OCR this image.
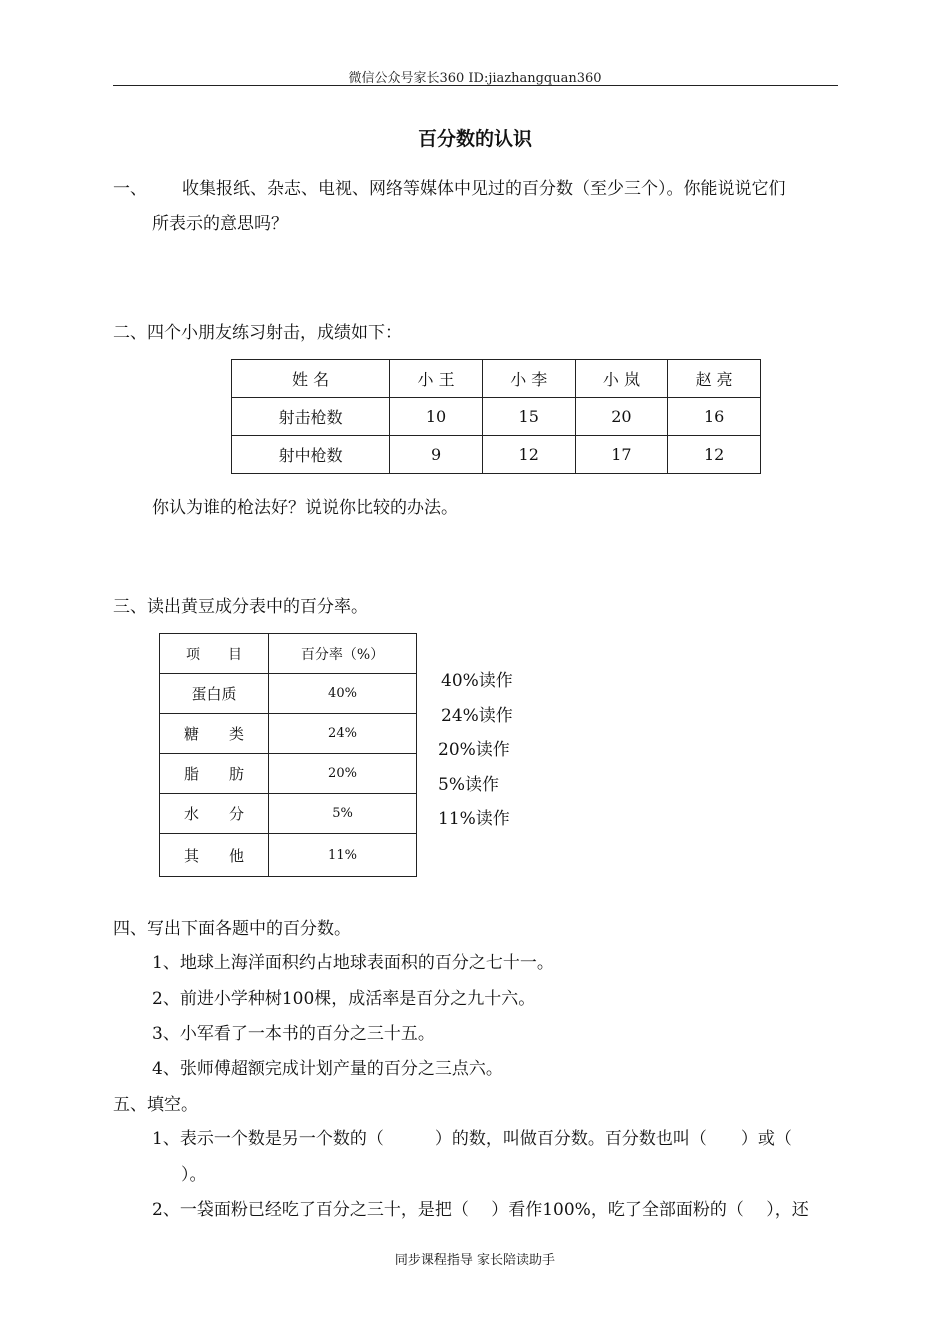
微信公众号家长360 ID:jiazhangquan360
百分数的认识
一、 收集报纸、杂志、电视、网络等媒体中见过的百分数（至少三个）。你能说说它们
所表示的意思吗？
二、四个小朋友练习射击，成绩如下：
姓 名	小 王	小 李	小 岚	赵 亮
射击枪数	10	15	20	16
射中枪数	9	12	17	12
你认为谁的枪法好？说说你比较的办法。
三、读出黄豆成分表中的百分率。
项　　目	百分率（%）
蛋白质	40%
糖　　类	24%
脂　　肪	20%
水　　分	5%
其　　他	11%
40%读作
24%读作
20%读作
5%读作
11%读作
四、写出下面各题中的百分数。
1、地球上海洋面积约占地球表面积的百分之七十一。
2、前进小学种树100棵，成活率是百分之九十六。
3、小军看了一本书的百分之三十五。
4、张师傅超额完成计划产量的百分之三点六。
五、填空。
1、表示一个数是另一个数的（　　　）的数，叫做百分数。百分数也叫（　　）或（
）。
2、一袋面粉已经吃了百分之三十，是把（　 ）看作100%，吃了全部面粉的（　 ），还
同步课程指导 家长陪读助手
